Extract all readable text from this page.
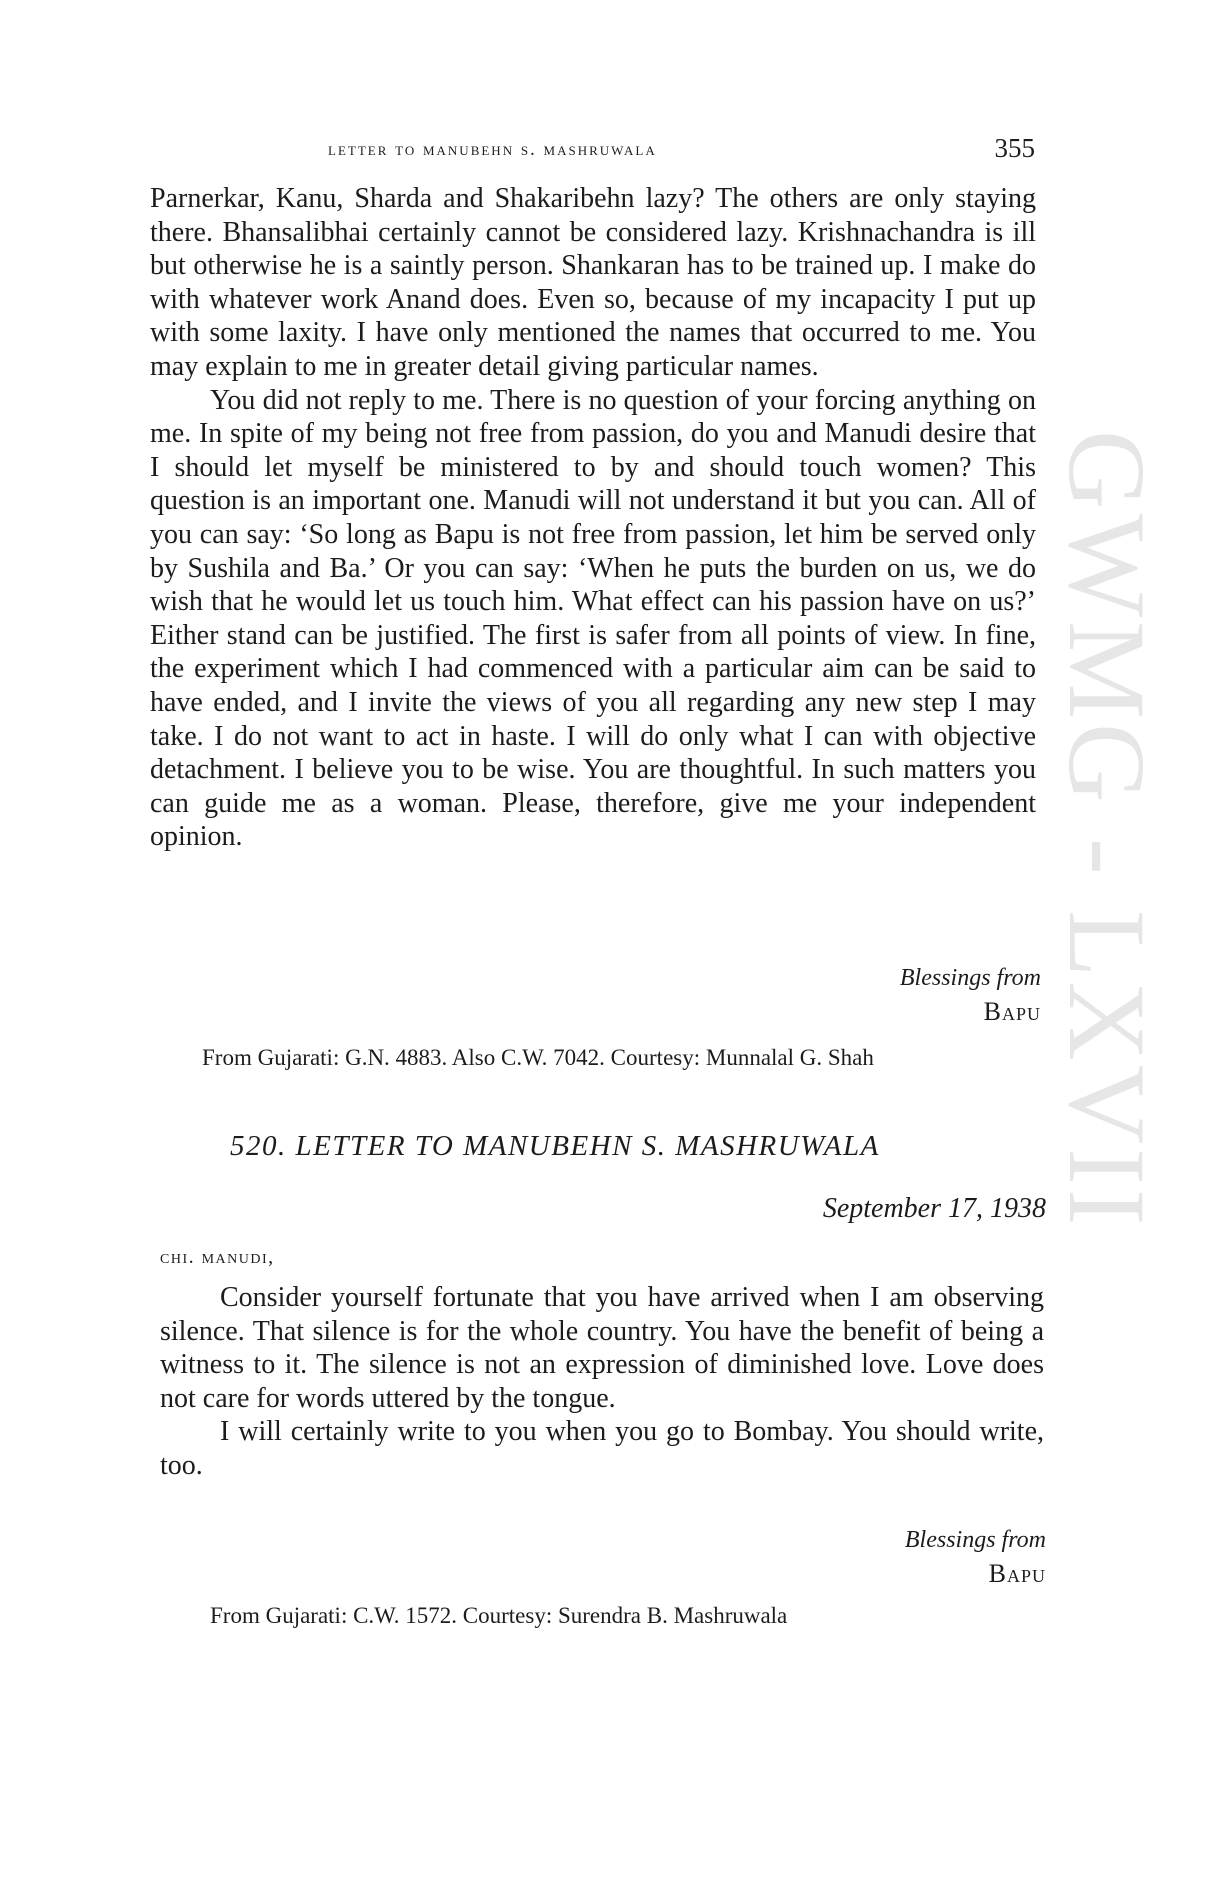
GWMG - LXVII
letter to manubehn s. mashruwala	355

Parnerkar, Kanu, Sharda and Shakaribehn lazy? The others are only staying there. Bhansalibhai certainly cannot be considered lazy. Krishnachandra is ill but otherwise he is a saintly person. Shankaran has to be trained up. I make do with whatever work Anand does. Even so, because of my incapacity I put up with some laxity. I have only mentioned the names that occurred to me. You may explain to me in greater detail giving particular names.

You did not reply to me. There is no question of your forcing anything on me. In spite of my being not free from passion, do you and Manudi desire that I should let myself be ministered to by and should touch women? This question is an important one. Manudi will not understand it but you can. All of you can say: ‘So long as Bapu is not free from passion, let him be served only by Sushila and Ba.’ Or you can say: ‘When he puts the burden on us, we do wish that he would let us touch him. What effect can his passion have on us?’ Either stand can be justified. The first is safer from all points of view. In fine, the experiment which I had commenced with a particular aim can be said to have ended, and I invite the views of you all regarding any new step I may take. I do not want to act in haste. I will do only what I can with objective detachment. I believe you to be wise. You are thoughtful. In such matters you can guide me as a woman. Please, therefore, give me your independent opinion.

Blessings from
Bapu
From Gujarati: G.N. 4883. Also C.W. 7042. Courtesy: Munnalal G. Shah
520. LETTER TO MANUBEHN S. MASHRUWALA
September 17, 1938
chi. manudi,

Consider yourself fortunate that you have arrived when I am observing silence. That silence is for the whole country. You have the benefit of being a witness to it. The silence is not an expression of diminished love. Love does not care for words uttered by the tongue.

I will certainly write to you when you go to Bombay. You should write, too.

Blessings from
Bapu
From Gujarati: C.W. 1572. Courtesy: Surendra B. Mashruwala
